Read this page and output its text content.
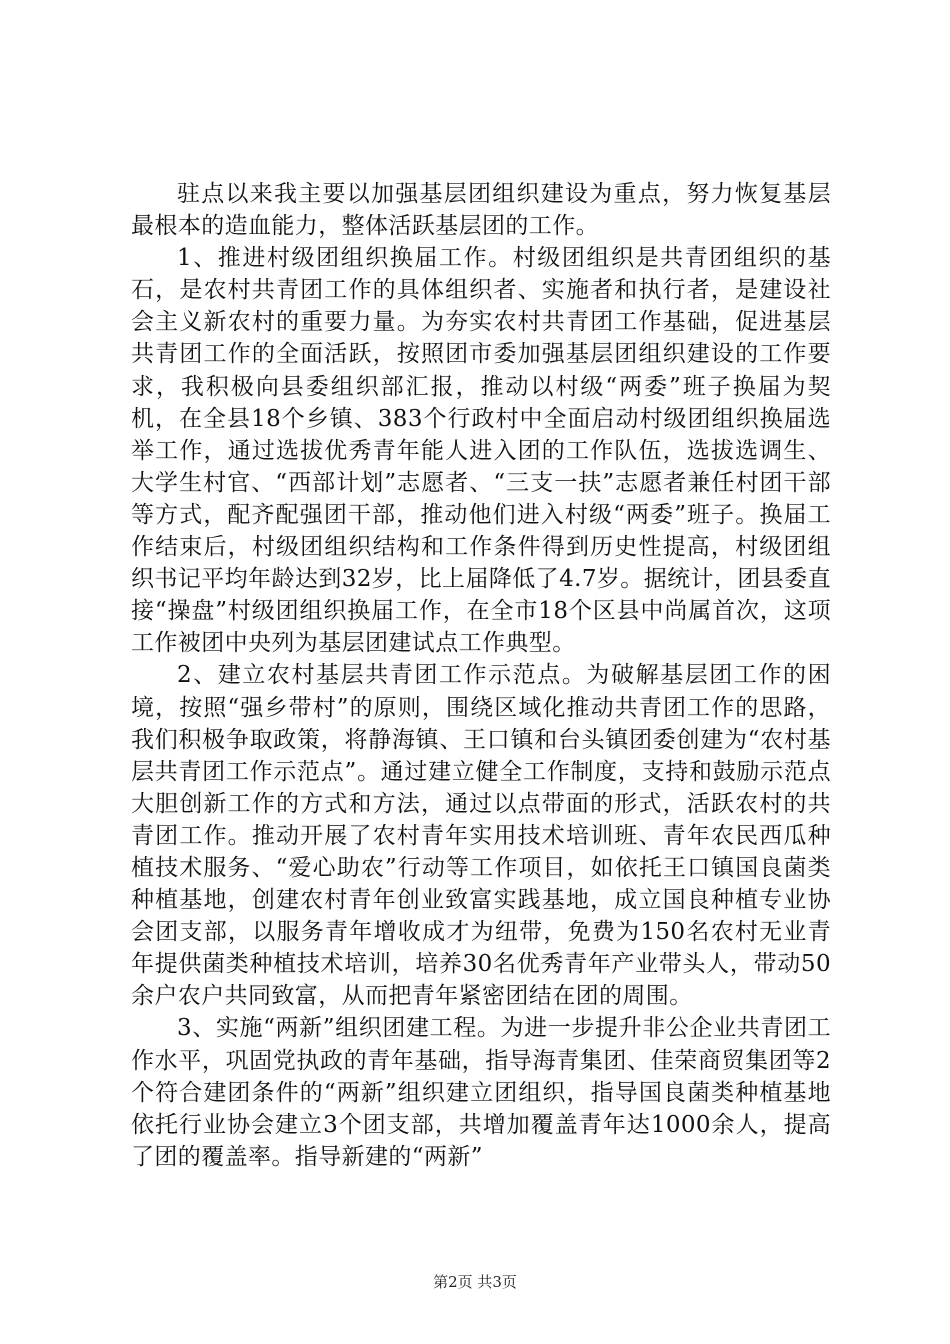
驻点以来我主要以加强基层团组织建设为重点，努力恢复基层最根本的造血能力，整体活跃基层团的工作。

1、推进村级团组织换届工作。村级团组织是共青团组织的基石，是农村共青团工作的具体组织者、实施者和执行者，是建设社会主义新农村的重要力量。为夯实农村共青团工作基础，促进基层共青团工作的全面活跃，按照团市委加强基层团组织建设的工作要求，我积极向县委组织部汇报，推动以村级“两委”班子换届为契机，在全县18个乡镇、383个行政村中全面启动村级团组织换届选举工作，通过选拔优秀青年能人进入团的工作队伍，选拔选调生、大学生村官、“西部计划”志愿者、“三支一扶”志愿者兼任村团干部等方式，配齐配强团干部，推动他们进入村级“两委”班子。换届工作结束后，村级团组织结构和工作条件得到历史性提高，村级团组织书记平均年龄达到32岁，比上届降低了4.7岁。据统计，团县委直接“操盘”村级团组织换届工作，在全市18个区县中尚属首次，这项工作被团中央列为基层团建试点工作典型。

2、建立农村基层共青团工作示范点。为破解基层团工作的困境，按照“强乡带村”的原则，围绕区域化推动共青团工作的思路，我们积极争取政策，将静海镇、王口镇和台头镇团委创建为“农村基层共青团工作示范点”。通过建立健全工作制度，支持和鼓励示范点大胆创新工作的方式和方法，通过以点带面的形式，活跃农村的共青团工作。推动开展了农村青年实用技术培训班、青年农民西瓜种植技术服务、“爱心助农”行动等工作项目，如依托王口镇国良菌类种植基地，创建农村青年创业致富实践基地，成立国良种植专业协会团支部，以服务青年增收成才为纽带，免费为150名农村无业青年提供菌类种植技术培训，培养30名优秀青年产业带头人，带动50余户农户共同致富，从而把青年紧密团结在团的周围。

3、实施“两新”组织团建工程。为进一步提升非公企业共青团工作水平，巩固党执政的青年基础，指导海青集团、佳荣商贸集团等2个符合建团条件的“两新”组织建立团组织，指导国良菌类种植基地依托行业协会建立3个团支部，共增加覆盖青年达1000余人，提高了团的覆盖率。指导新建的“两新”

第2页 共3页
